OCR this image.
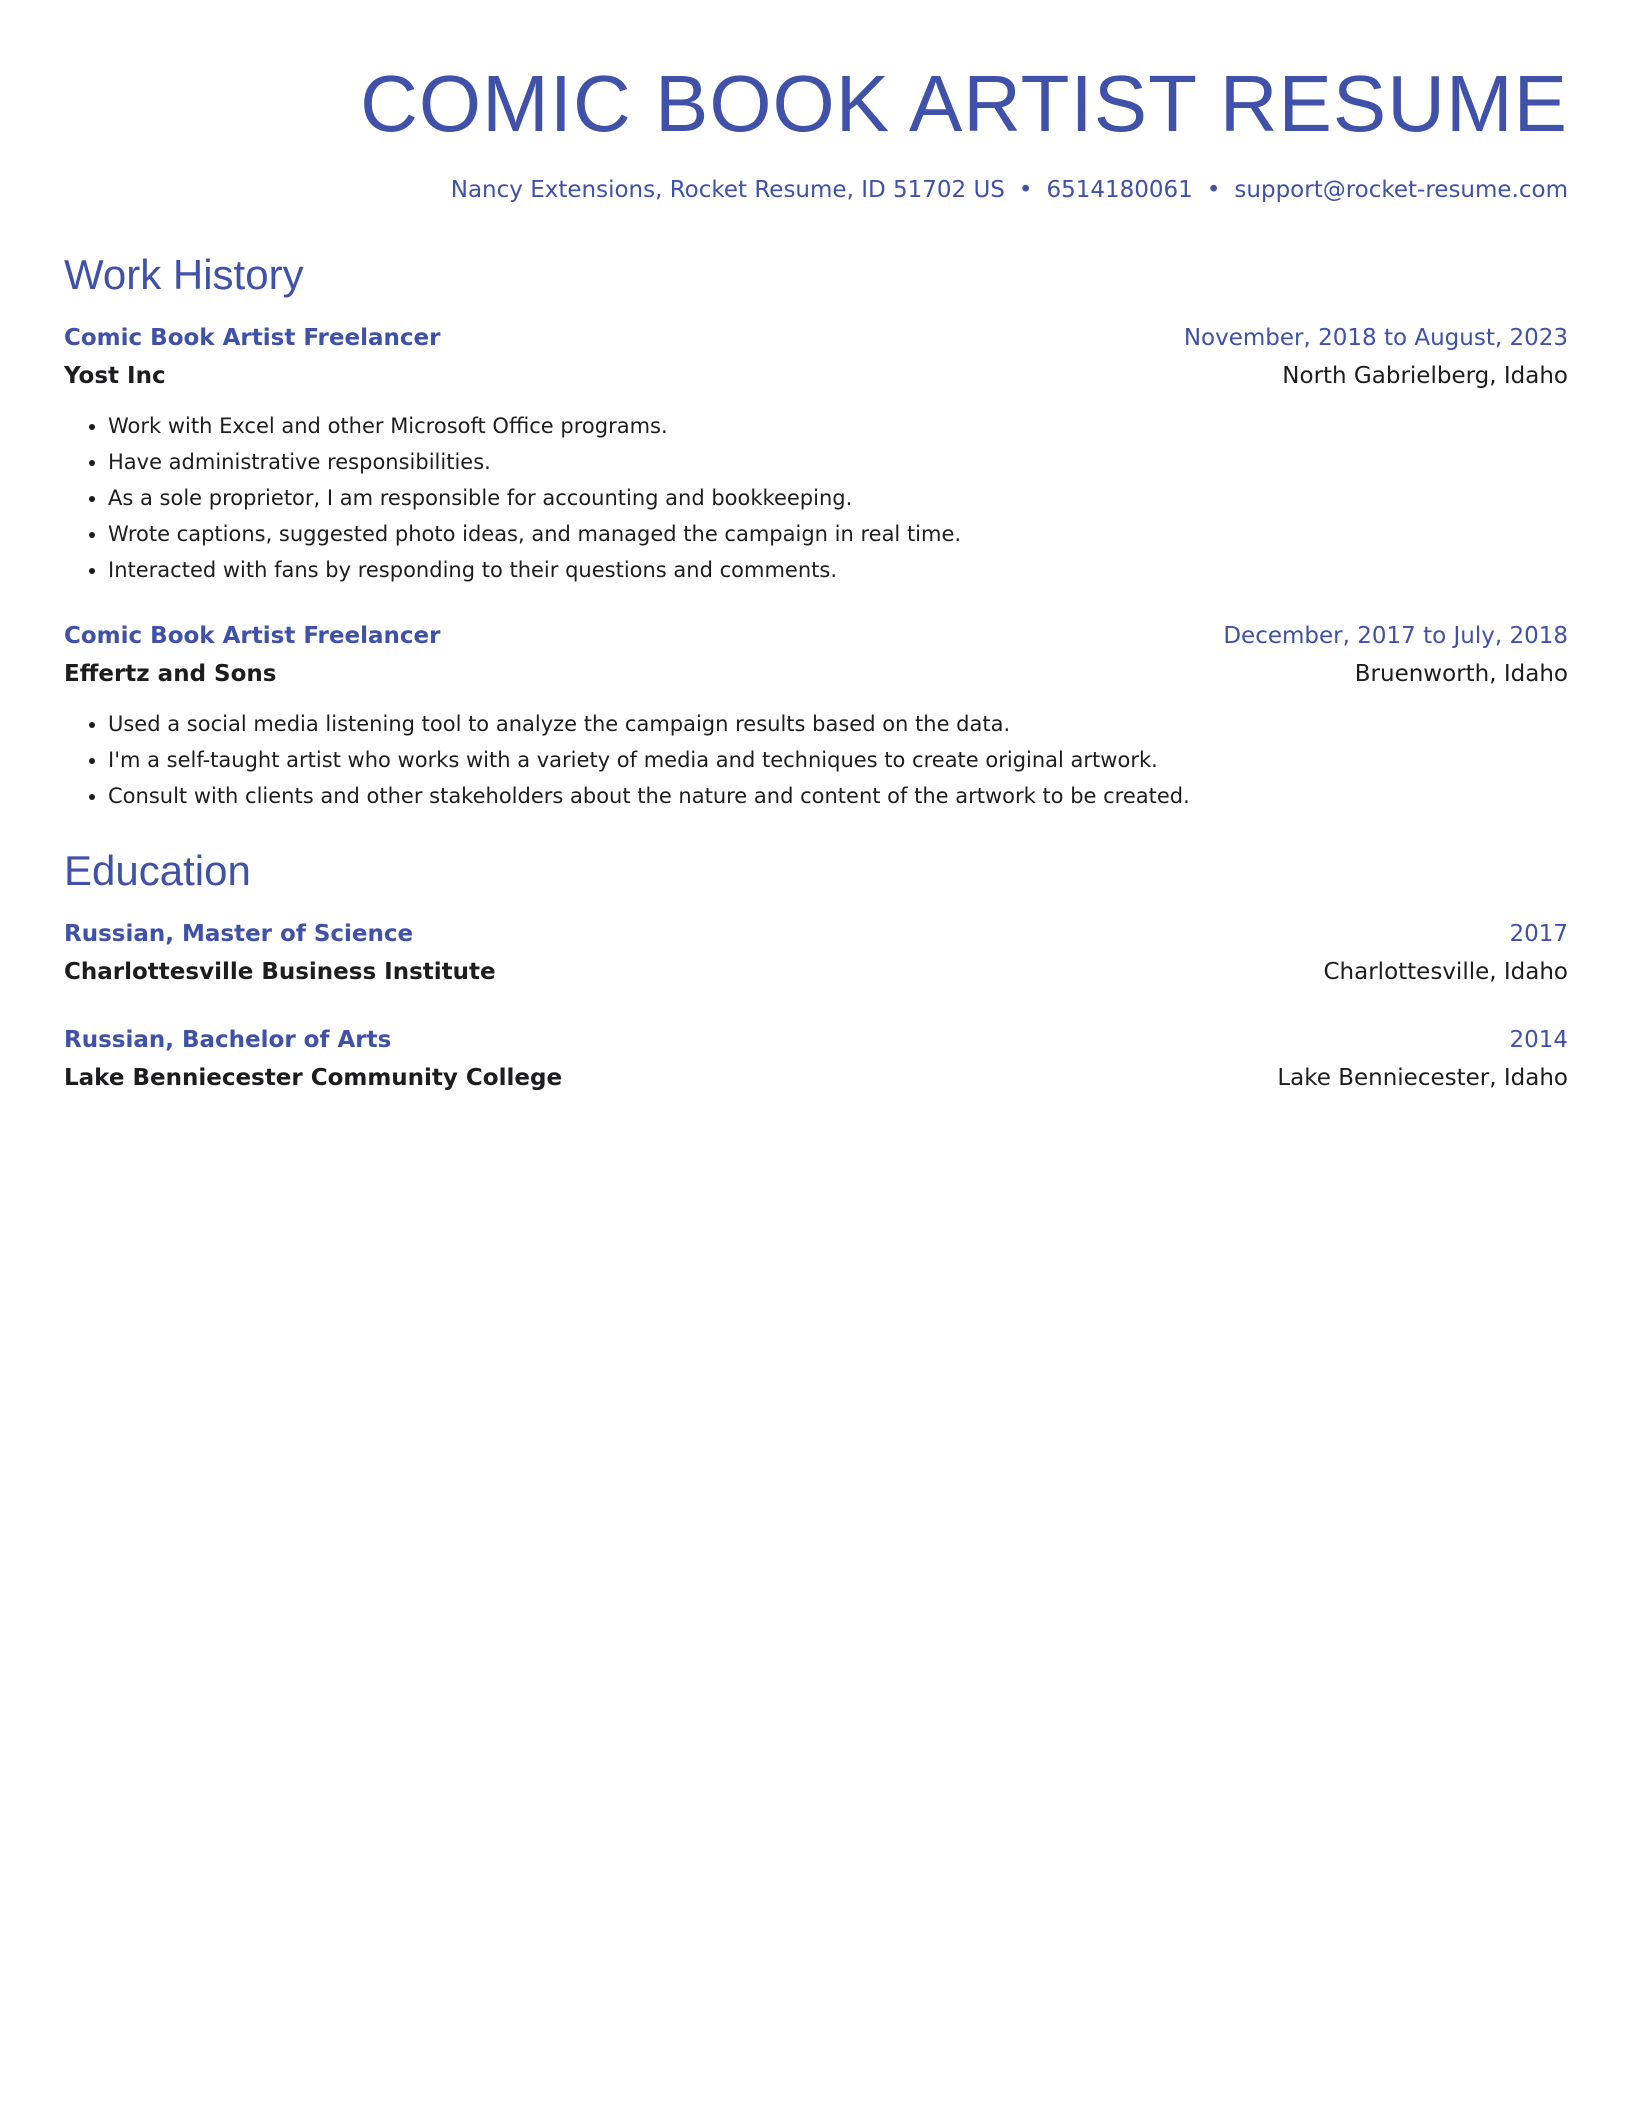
COMIC BOOK ARTIST RESUME
Nancy Extensions, Rocket Resume, ID 51702 US • 6514180061 • support@rocket-resume.com
Work History
Comic Book Artist Freelancer	November, 2018 to August, 2023
Yost Inc	North Gabrielberg, Idaho
• Work with Excel and other Microsoft Office programs.
• Have administrative responsibilities.
• As a sole proprietor, I am responsible for accounting and bookkeeping.
• Wrote captions, suggested photo ideas, and managed the campaign in real time.
• Interacted with fans by responding to their questions and comments.
Comic Book Artist Freelancer	December, 2017 to July, 2018
Effertz and Sons	Bruenworth, Idaho
• Used a social media listening tool to analyze the campaign results based on the data.
• I'm a self-taught artist who works with a variety of media and techniques to create original artwork.
• Consult with clients and other stakeholders about the nature and content of the artwork to be created.
Education
Russian, Master of Science	2017
Charlottesville Business Institute	Charlottesville, Idaho
Russian, Bachelor of Arts	2014
Lake Benniecester Community College	Lake Benniecester, Idaho
